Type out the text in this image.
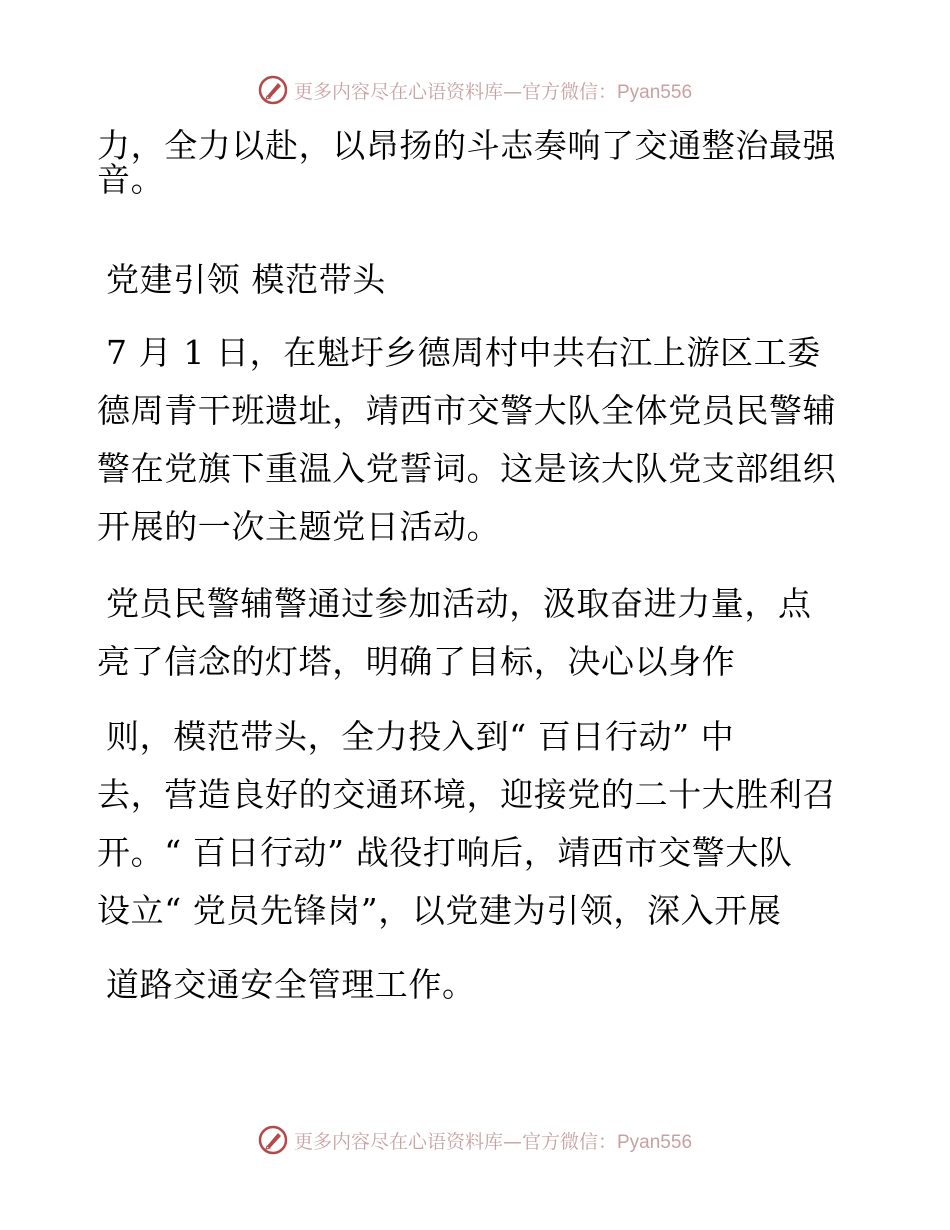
更多内容尽在心语资料库—官方微信：Pyan556
力，全力以赴，以昂扬的斗志奏响了交通整治最强
音。
党建引领 模范带头
7 月 1 日，在魁圩乡德周村中共右江上游区工委
德周青干班遗址，靖西市交警大队全体党员民警辅
警在党旗下重温入党誓词。这是该大队党支部组织
开展的一次主题党日活动。
党员民警辅警通过参加活动，汲取奋进力量，点
亮了信念的灯塔，明确了目标，决心以身作
则，模范带头，全力投入到“ 百日行动” 中
去，营造良好的交通环境，迎接党的二十大胜利召
开。“ 百日行动” 战役打响后，靖西市交警大队
设立“ 党员先锋岗”，以党建为引领，深入开展
道路交通安全管理工作。
更多内容尽在心语资料库—官方微信：Pyan556
